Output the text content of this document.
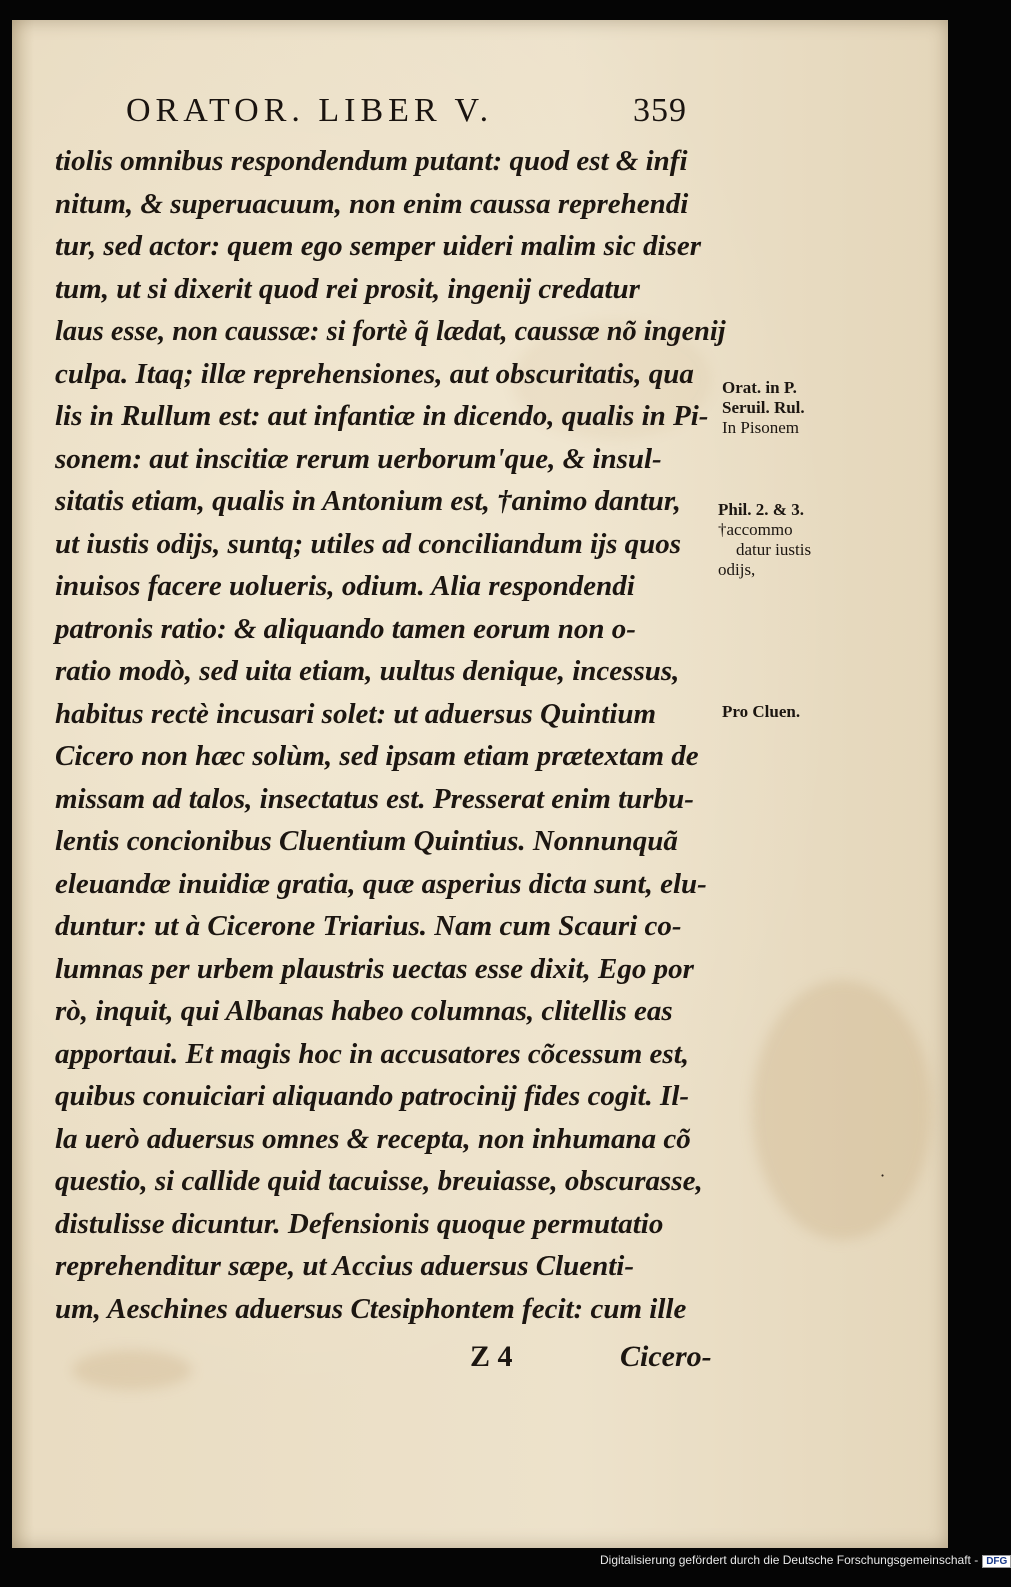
ORATOR. LIBER V.	359
tiolis omnibus respondendum putant: quod est & infi
nitum, & superuacuum, non enim caussa reprehendi
tur, sed actor: quem ego semper uideri malim sic diser
tum, ut si dixerit quod rei prosit, ingenij credatur
laus esse, non caussæ: si fortè q̃ lædat, caussæ nõ ingenij
culpa. Itaq; illæ reprehensiones, aut obscuritatis, qua
lis in Rullum est: aut infantiæ in dicendo, qualis in Pi-
sonem: aut inscitiæ rerum uerborum'que, & insul-
sitatis etiam, qualis in Antonium est, †animo dantur,
ut iustis odijs, suntq; utiles ad conciliandum ijs quos
inuisos facere uolueris, odium. Alia respondendi
patronis ratio: & aliquando tamen eorum non o-
ratio modò, sed uita etiam, uultus denique, incessus,
habitus rectè incusari solet: ut aduersus Quintium
Cicero non hæc solùm, sed ipsam etiam prætextam de
missam ad talos, insectatus est. Presserat enim turbu-
lentis concionibus Cluentium Quintius. Nonnunquã
eleuandæ inuidiæ gratia, quæ asperius dicta sunt, elu-
duntur: ut à Cicerone Triarius. Nam cum Scauri co-
lumnas per urbem plaustris uectas esse dixit, Ego por
rò, inquit, qui Albanas habeo columnas, clitellis eas
apportaui. Et magis hoc in accusatores cõcessum est,
quibus conuiciari aliquando patrocinij fides cogit. Il-
la uerò aduersus omnes & recepta, non inhumana cõ
questio, si callide quid tacuisse, breuiasse, obscurasse,
distulisse dicuntur. Defensionis quoque permutatio
reprehenditur sæpe, ut Accius aduersus Cluenti-
um, Aeschines aduersus Ctesiphontem fecit: cum ille
Orat. in P.
Seruil. Rul.
In Pisonem
Phil. 2. & 3.
†accommo
datur iustis
odijs,
Pro Cluen.
Z 4	Cicero-
·
Digitalisierung gefördert durch die Deutsche Forschungsgemeinschaft - DFG
